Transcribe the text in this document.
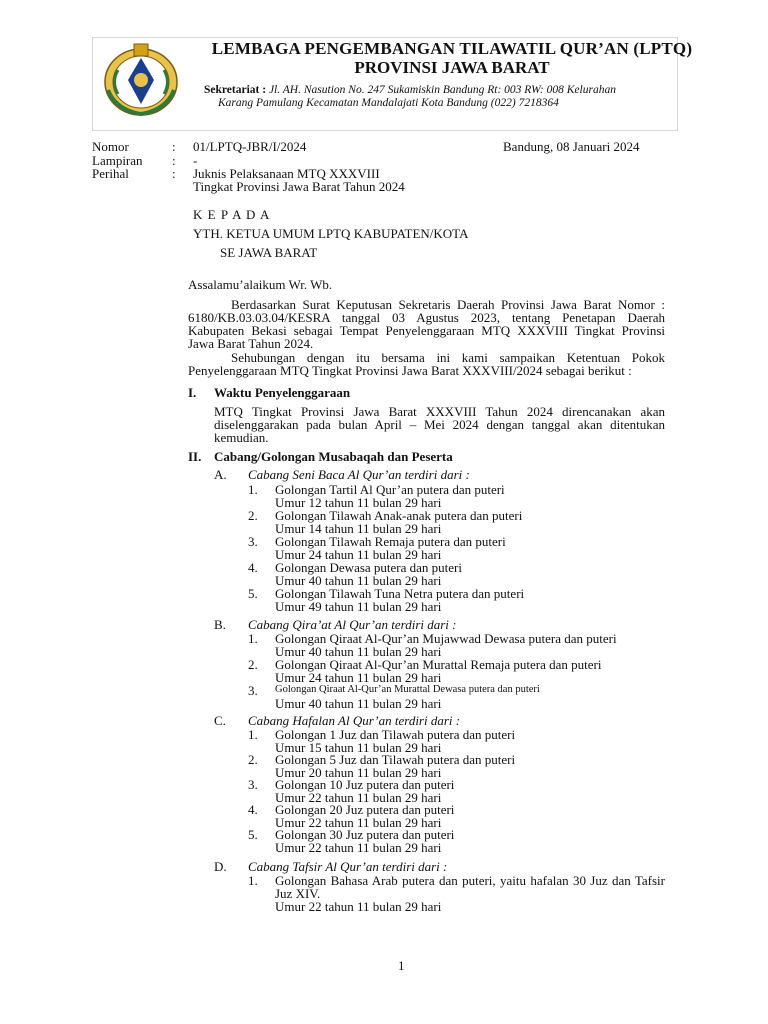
LEMBAGA PENGEMBANGAN TILAWATIL QUR’AN (LPTQ)
PROVINSI JAWA BARAT
Sekretariat : Jl. AH. Nasution No. 247 Sukamiskin Bandung Rt: 003 RW: 008 Kelurahan
Karang Pamulang Kecamatan Mandalajati Kota Bandung (022) 7218364
Nomor	: 01/LPTQ-JBR/I/2024	Bandung, 08 Januari 2024
Lampiran : -
Perihal	: Juknis Pelaksanaan MTQ XXXVIII
Tingkat Provinsi Jawa Barat Tahun 2024
K E P A D A
YTH. KETUA UMUM LPTQ KABUPATEN/KOTA
SE JAWA BARAT
Assalamu’alaikum Wr. Wb.
Berdasarkan Surat Keputusan Sekretaris Daerah Provinsi Jawa Barat Nomor :
6180/KB.03.03.04/KESRA tanggal 03 Agustus 2023, tentang Penetapan Daerah
Kabupaten Bekasi sebagai Tempat Penyelenggaraan MTQ XXXVIII Tingkat Provinsi
Jawa Barat Tahun 2024.
Sehubungan dengan itu bersama ini kami sampaikan Ketentuan Pokok
Penyelenggaraan MTQ Tingkat Provinsi Jawa Barat XXXVIII/2024 sebagai berikut :
I. Waktu Penyelenggaraan
MTQ Tingkat Provinsi Jawa Barat XXXVIII Tahun 2024 direncanakan akan
diselenggarakan pada bulan April – Mei 2024 dengan tanggal akan ditentukan
kemudian.
II. Cabang/Golongan Musabaqah dan Peserta
A. Cabang Seni Baca Al Qur’an terdiri dari :
1. Golongan Tartil Al Qur’an putera dan puteri
Umur 12 tahun 11 bulan 29 hari
2. Golongan Tilawah Anak-anak putera dan puteri
Umur 14 tahun 11 bulan 29 hari
3. Golongan Tilawah Remaja putera dan puteri
Umur 24 tahun 11 bulan 29 hari
4. Golongan Dewasa putera dan puteri
Umur 40 tahun 11 bulan 29 hari
5. Golongan Tilawah Tuna Netra putera dan puteri
Umur 49 tahun 11 bulan 29 hari
B. Cabang Qira’at Al Qur’an terdiri dari :
1. Golongan Qiraat Al-Qur’an Mujawwad Dewasa putera dan puteri
Umur 40 tahun 11 bulan 29 hari
2. Golongan Qiraat Al-Qur’an Murattal Remaja putera dan puteri
Umur 24 tahun 11 bulan 29 hari
3. Golongan Qiraat Al-Qur’an Murattal Dewasa putera dan puteri
Umur 40 tahun 11 bulan 29 hari
C. Cabang Hafalan Al Qur’an terdiri dari :
1. Golongan 1 Juz dan Tilawah putera dan puteri
Umur 15 tahun 11 bulan 29 hari
2. Golongan 5 Juz dan Tilawah putera dan puteri
Umur 20 tahun 11 bulan 29 hari
3. Golongan 10 Juz putera dan puteri
Umur 22 tahun 11 bulan 29 hari
4. Golongan 20 Juz putera dan puteri
Umur 22 tahun 11 bulan 29 hari
5. Golongan 30 Juz putera dan puteri
Umur 22 tahun 11 bulan 29 hari
D. Cabang Tafsir Al Qur’an terdiri dari :
1. Golongan Bahasa Arab putera dan puteri, yaitu hafalan 30 Juz dan Tafsir
Juz XIV.
Umur 22 tahun 11 bulan 29 hari
1
